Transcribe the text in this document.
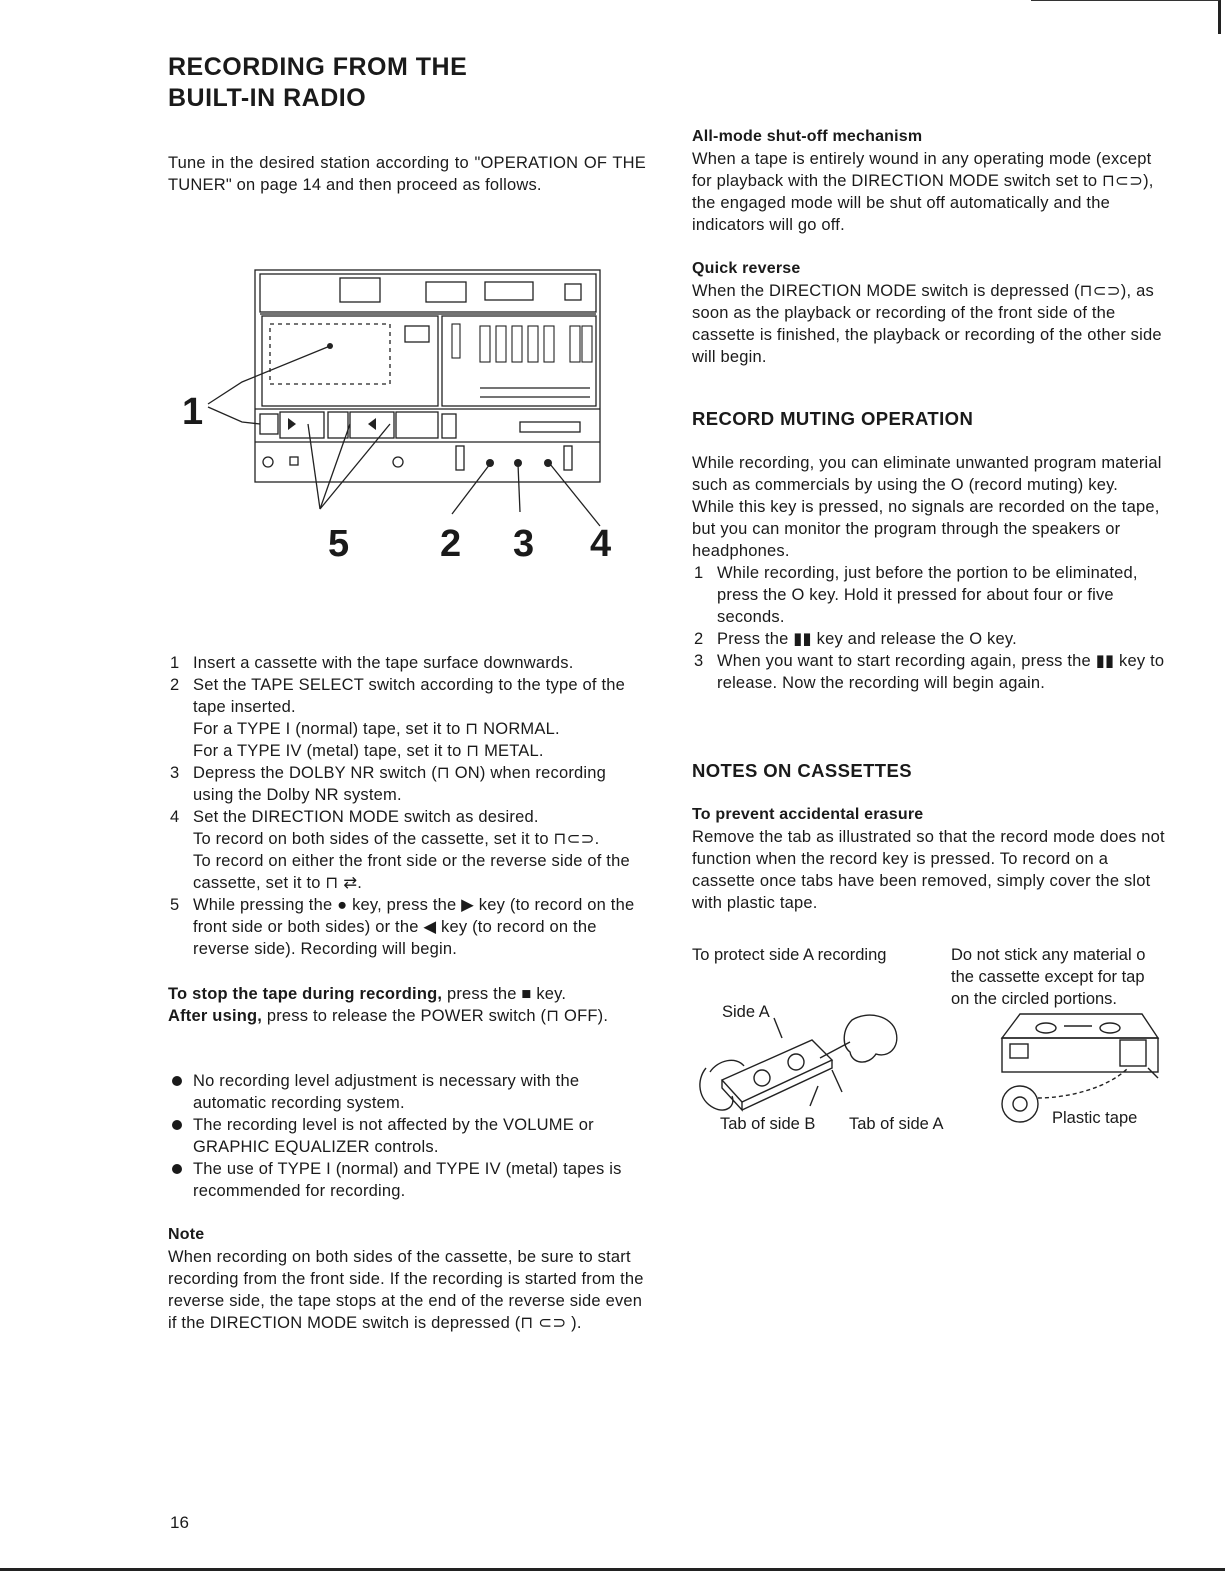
RECORDING FROM THE
BUILT-IN RADIO

Tune in the desired station according to "OPERATION OF THE TUNER" on page 14 and then proceed as follows.

1
5 2 3 4
1 Insert a cassette with the tape surface downwards.
2 Set the TAPE SELECT switch according to the type of the tape inserted.
For a TYPE I (normal) tape, set it to ⊓ NORMAL.
For a TYPE IV (metal) tape, set it to ⊓ METAL.
3 Depress the DOLBY NR switch (⊓ ON) when recording using the Dolby NR system.
4 Set the DIRECTION MODE switch as desired.
To record on both sides of the cassette, set it to ⊓⊂⊃.
To record on either the front side or the reverse side of the cassette, set it to ⊓ ⇄.
5 While pressing the ● key, press the ▶ key (to record on the front side or both sides) or the ◀ key (to record on the reverse side). Recording will begin.

To stop the tape during recording, press the ■ key.

After using, press to release the POWER switch (⊓ OFF).

No recording level adjustment is necessary with the automatic recording system.
The recording level is not affected by the VOLUME or GRAPHIC EQUALIZER controls.
The use of TYPE I (normal) and TYPE IV (metal) tapes is recommended for recording.

Note

When recording on both sides of the cassette, be sure to start recording from the front side. If the recording is started from the reverse side, the tape stops at the end of the reverse side even if the DIRECTION MODE switch is depressed (⊓ ⊂⊃ ).

All-mode shut-off mechanism

When a tape is entirely wound in any operating mode (except for playback with the DIRECTION MODE switch set to ⊓⊂⊃), the engaged mode will be shut off automatically and the indicators will go off.

Quick reverse

When the DIRECTION MODE switch is depressed (⊓⊂⊃), as soon as the playback or recording of the front side of the cassette is finished, the playback or recording of the other side will begin.

RECORD MUTING OPERATION

While recording, you can eliminate unwanted program material such as commercials by using the O (record muting) key.

While this key is pressed, no signals are recorded on the tape, but you can monitor the program through the speakers or headphones.

1 While recording, just before the portion to be eliminated, press the O key. Hold it pressed for about four or five seconds.
2 Press the ▮▮ key and release the O key.
3 When you want to start recording again, press the ▮▮ key to release. Now the recording will begin again.

NOTES ON CASSETTES

To prevent accidental erasure

Remove the tab as illustrated so that the record mode does not function when the record key is pressed. To record on a cassette once tabs have been removed, simply cover the slot with plastic tape.

To protect side A recording	Do not stick any material o
the cassette except for tap
on the circled portions.
Side A
Tab of side B Tab of side A	Plastic tape
16
